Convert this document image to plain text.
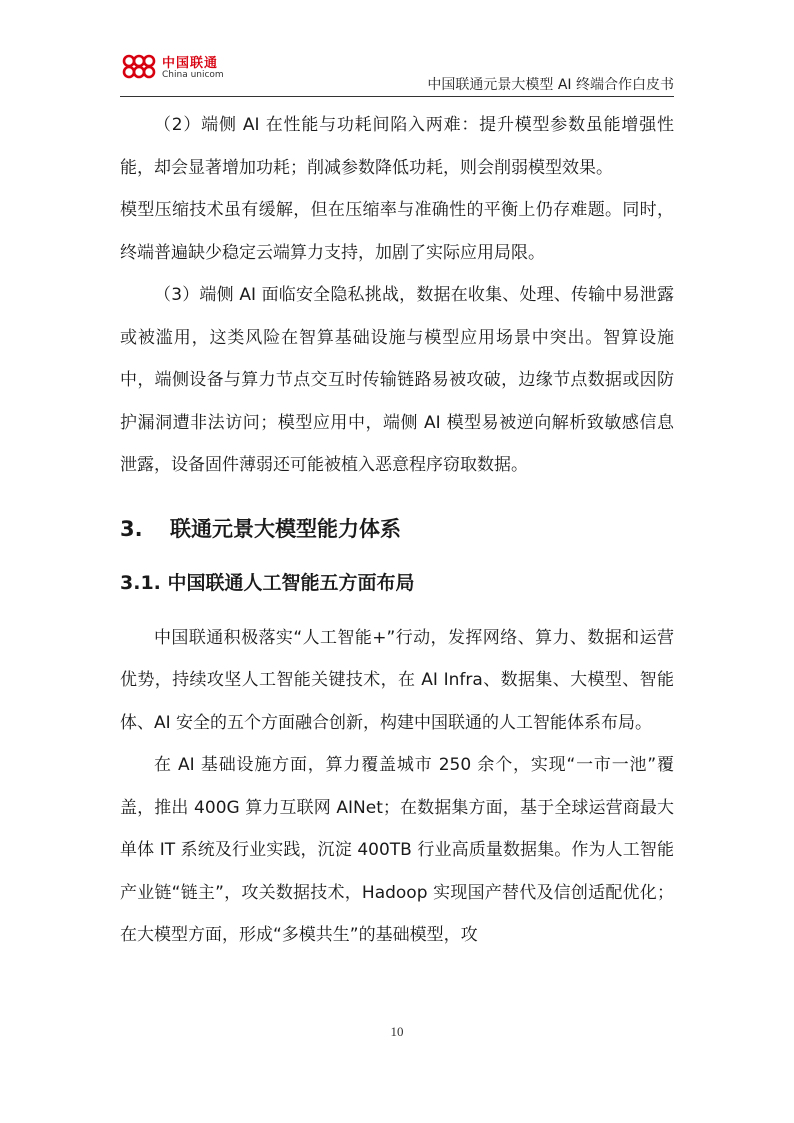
中国联通
China unicom
中国联通元景大模型 AI 终端合作白皮书

（2）端侧 AI 在性能与功耗间陷入两难：提升模型参数虽能增强性能，却会显著增加功耗；削减参数降低功耗，则会削弱模型效果。

模型压缩技术虽有缓解，但在压缩率与准确性的平衡上仍存难题。同时，终端普遍缺少稳定云端算力支持，加剧了实际应用局限。

（3）端侧 AI 面临安全隐私挑战，数据在收集、处理、传输中易泄露或被滥用，这类风险在智算基础设施与模型应用场景中突出。智算设施中，端侧设备与算力节点交互时传输链路易被攻破，边缘节点数据或因防护漏洞遭非法访问；模型应用中，端侧 AI 模型易被逆向解析致敏感信息泄露，设备固件薄弱还可能被植入恶意程序窃取数据。

3. 联通元景大模型能力体系
3.1. 中国联通人工智能五方面布局

中国联通积极落实“人工智能+”行动，发挥网络、算力、数据和运营优势，持续攻坚人工智能关键技术，在 AI Infra、数据集、大模型、智能体、AI 安全的五个方面融合创新，构建中国联通的人工智能体系布局。

在 AI 基础设施方面，算力覆盖城市 250 余个，实现“一市一池”覆盖，推出 400G 算力互联网 AINet；在数据集方面，基于全球运营商最大单体 IT 系统及行业实践，沉淀 400TB 行业高质量数据集。作为人工智能产业链“链主”，攻关数据技术，Hadoop 实现国产替代及信创适配优化；在大模型方面，形成“多模共生”的基础模型，攻

10
